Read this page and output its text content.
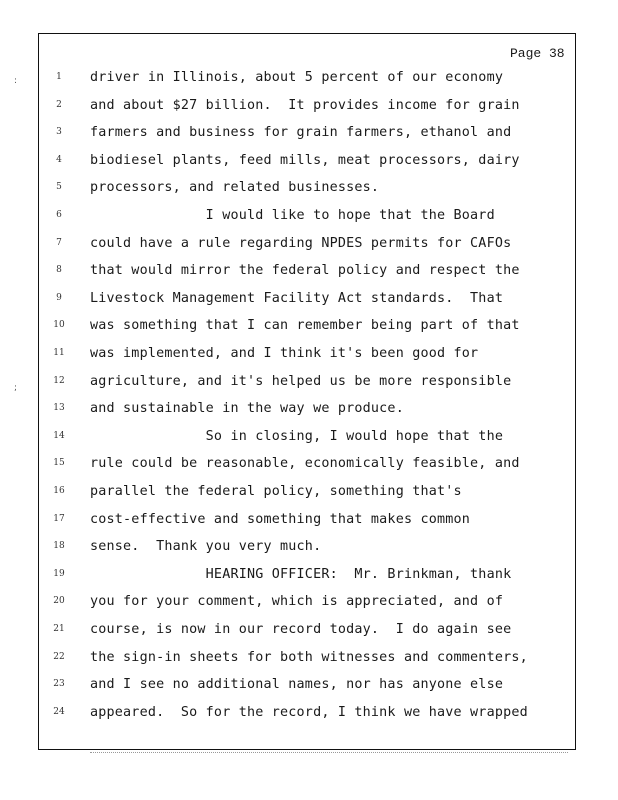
Page 38
:
;
1	driver in Illinois, about 5 percent of our economy
2	and about $27 billion.  It provides income for grain
3	farmers and business for grain farmers, ethanol and
4	biodiesel plants, feed mills, meat processors, dairy
5	processors, and related businesses.
6	I would like to hope that the Board
7	could have a rule regarding NPDES permits for CAFOs
8	that would mirror the federal policy and respect the
9	Livestock Management Facility Act standards.  That
10	was something that I can remember being part of that
11	was implemented, and I think it's been good for
12	agriculture, and it's helped us be more responsible
13	and sustainable in the way we produce.
14	So in closing, I would hope that the
15	rule could be reasonable, economically feasible, and
16	parallel the federal policy, something that's
17	cost-effective and something that makes common
18	sense.  Thank you very much.
19	HEARING OFFICER:  Mr. Brinkman, thank
20	you for your comment, which is appreciated, and of
21	course, is now in our record today.  I do again see
22	the sign-in sheets for both witnesses and commenters,
23	and I see no additional names, nor has anyone else
24	appeared.  So for the record, I think we have wrapped
